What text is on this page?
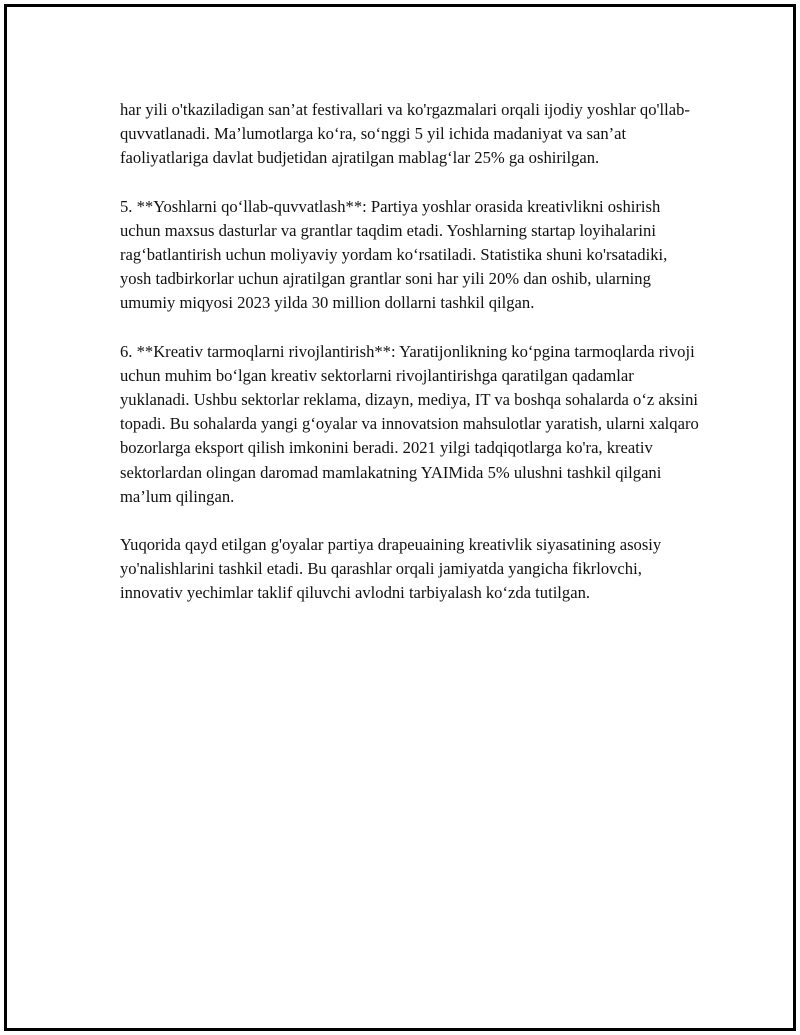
har yili o'tkaziladigan san’at festivallari va ko'rgazmalari orqali ijodiy yoshlar qo'llab-quvvatlanadi. Ma’lumotlarga ko‘ra, so‘nggi 5 yil ichida madaniyat va san’at faoliyatlariga davlat budjetidan ajratilgan mablag‘lar 25% ga oshirilgan.

5. **Yoshlarni qo‘llab-quvvatlash**: Partiya yoshlar orasida kreativlikni oshirish uchun maxsus dasturlar va grantlar taqdim etadi. Yoshlarning startap loyihalarini rag‘batlantirish uchun moliyaviy yordam ko‘rsatiladi. Statistika shuni ko'rsatadiki, yosh tadbirkorlar uchun ajratilgan grantlar soni har yili 20% dan oshib, ularning umumiy miqyosi 2023 yilda 30 million dollarni tashkil qilgan.

6. **Kreativ tarmoqlarni rivojlantirish**: Yaratijonlikning ko‘pgina tarmoqlarda rivoji uchun muhim bo‘lgan kreativ sektorlarni rivojlantirishga qaratilgan qadamlar yuklanadi. Ushbu sektorlar reklama, dizayn, mediya, IT va boshqa sohalarda o‘z aksini topadi. Bu sohalarda yangi g‘oyalar va innovatsion mahsulotlar yaratish, ularni xalqaro bozorlarga eksport qilish imkonini beradi. 2021 yilgi tadqiqotlarga ko'ra, kreativ sektorlardan olingan daromad mamlakatning YAIMida 5% ulushni tashkil qilgani ma’lum qilingan.

Yuqorida qayd etilgan g'oyalar partiya drapeuaining kreativlik siyasatining asosiy yo'nalishlarini tashkil etadi. Bu qarashlar orqali jamiyatda yangicha fikrlovchi, innovativ yechimlar taklif qiluvchi avlodni tarbiyalash ko‘zda tutilgan.
